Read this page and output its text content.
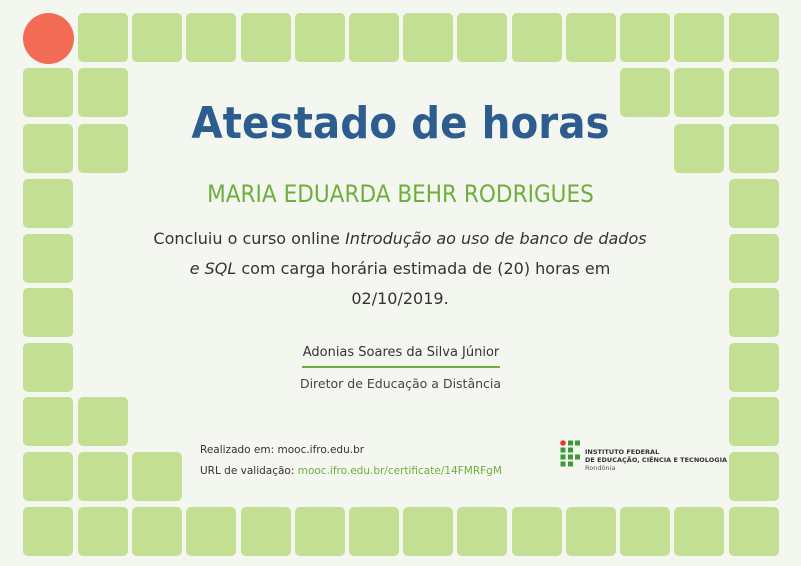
Atestado de horas
MARIA EDUARDA BEHR RODRIGUES
Concluiu o curso online Introdução ao uso de banco de dados e SQL com carga horária estimada de (20) horas em 02/10/2019.
Adonias Soares da Silva Júnior
Diretor de Educação a Distância
Realizado em: mooc.ifro.edu.br
URL de validação: mooc.ifro.edu.br/certificate/14FMRFgM
INSTITUTO FEDERAL
DE EDUCAÇÃO, CIÊNCIA E TECNOLOGIA
Rondônia
